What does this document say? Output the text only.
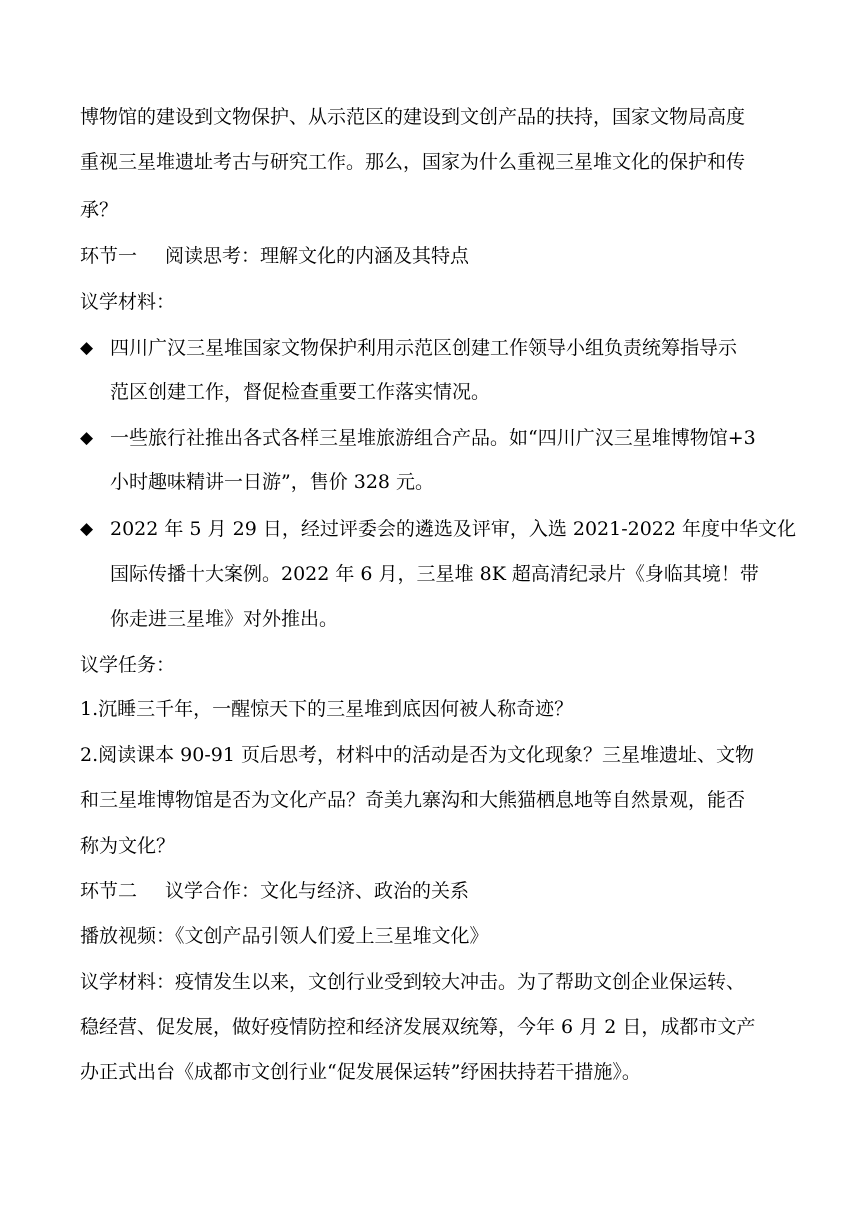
博物馆的建设到文物保护、从示范区的建设到文创产品的扶持，国家文物局高度
重视三星堆遗址考古与研究工作。那么，国家为什么重视三星堆文化的保护和传
承？
环节一 阅读思考：理解文化的内涵及其特点
议学材料：
◆ 四川广汉三星堆国家文物保护利用示范区创建工作领导小组负责统筹指导示
范区创建工作，督促检查重要工作落实情况。
◆ 一些旅行社推出各式各样三星堆旅游组合产品。如“四川广汉三星堆博物馆+3
小时趣味精讲一日游”，售价 328 元。
◆ 2022 年 5 月 29 日，经过评委会的遴选及评审，入选 2021-2022 年度中华文化
国际传播十大案例。2022 年 6 月，三星堆 8K 超高清纪录片《身临其境！带
你走进三星堆》对外推出。
议学任务：
1.沉睡三千年，一醒惊天下的三星堆到底因何被人称奇迹？
2.阅读课本 90-91 页后思考，材料中的活动是否为文化现象？三星堆遗址、文物
和三星堆博物馆是否为文化产品？奇美九寨沟和大熊猫栖息地等自然景观，能否
称为文化？
环节二 议学合作：文化与经济、政治的关系
播放视频：《文创产品引领人们爱上三星堆文化》
议学材料：疫情发生以来，文创行业受到较大冲击。为了帮助文创企业保运转、
稳经营、促发展，做好疫情防控和经济发展双统筹，今年 6 月 2 日，成都市文产
办正式出台《成都市文创行业“促发展保运转”纾困扶持若干措施》。
